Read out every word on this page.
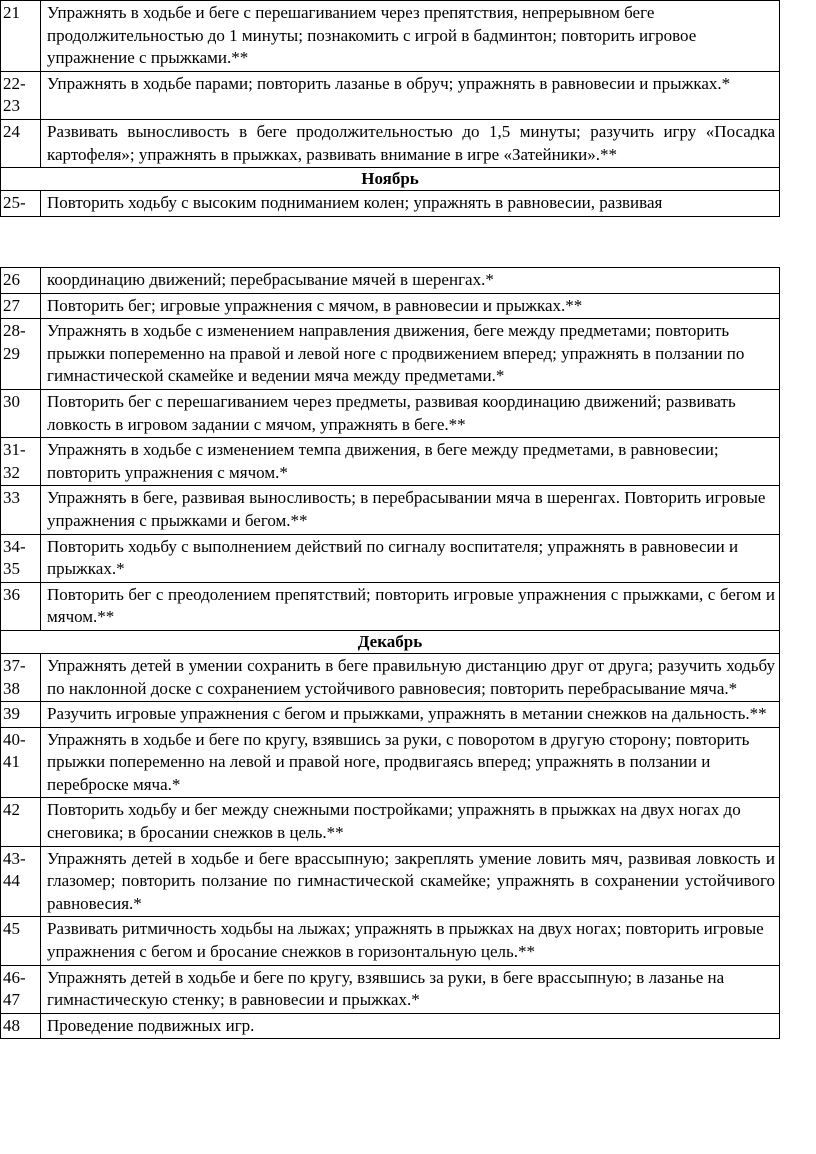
21	Упражнять в ходьбе и беге с перешагиванием через препятствия, непрерывном беге продолжительностью до 1 минуты; познакомить с игрой в бадминтон; повторить игровое упражнение с прыжками.**
22-23	Упражнять в ходьбе парами; повторить лазанье в обруч; упражнять в равновесии и прыжках.*
24	Развивать выносливость в беге продолжительностью до 1,5 минуты; разучить игру «Посадка картофеля»; упражнять в прыжках, развивать внимание в игре «Затейники».**
Ноябрь	
25-	Повторить ходьбу с высоким подниманием колен; упражнять в равновесии, развивая
26	координацию движений; перебрасывание мячей в шеренгах.*
27	Повторить бег; игровые упражнения с мячом, в равновесии и прыжках.**
28-29	Упражнять в ходьбе с изменением направления движения, беге между предметами; повторить прыжки попеременно на правой и левой ноге с продвижением вперед; упражнять в ползании по гимнастической скамейке и ведении мяча между предметами.*
30	Повторить бег с перешагиванием через предметы, развивая координацию движений; развивать ловкость в игровом задании с мячом, упражнять в беге.**
31-32	Упражнять в ходьбе с изменением темпа движения, в беге между предметами, в равновесии; повторить упражнения с мячом.*
33	Упражнять в беге, развивая выносливость; в перебрасывании мяча в шеренгах. Повторить игровые упражнения с прыжками и бегом.**
34-35	Повторить ходьбу с выполнением действий по сигналу воспитателя; упражнять в равновесии и прыжках.*
36	Повторить бег с преодолением препятствий; повторить игровые упражнения с прыжками, с бегом и мячом.**
Декабрь	
37-38	Упражнять детей в умении сохранить в беге правильную дистанцию друг от друга; разучить ходьбу по наклонной доске с сохранением устойчивого равновесия; повторить перебрасывание мяча.*
39	Разучить игровые упражнения с бегом и прыжками, упражнять в метании снежков на дальность.**
40-41	Упражнять в ходьбе и беге по кругу, взявшись за руки, с поворотом в другую сторону; повторить прыжки попеременно на левой и правой ноге, продвигаясь вперед; упражнять в ползании и переброске мяча.*
42	Повторить ходьбу и бег между снежными постройками; упражнять в прыжках на двух ногах до снеговика; в бросании снежков в цель.**
43-44	Упражнять детей в ходьбе и беге врассыпную; закреплять умение ловить мяч, развивая ловкость и глазомер; повторить ползание по гимнастической скамейке; упражнять в сохранении устойчивого равновесия.*
45	Развивать ритмичность ходьбы на лыжах; упражнять в прыжках на двух ногах; повторить игровые упражнения с бегом и бросание снежков в горизонтальную цель.**
46-47	Упражнять детей в ходьбе и беге по кругу, взявшись за руки, в беге врассыпную; в лазанье на гимнастическую стенку; в равновесии и прыжках.*
48	Проведение подвижных игр.
